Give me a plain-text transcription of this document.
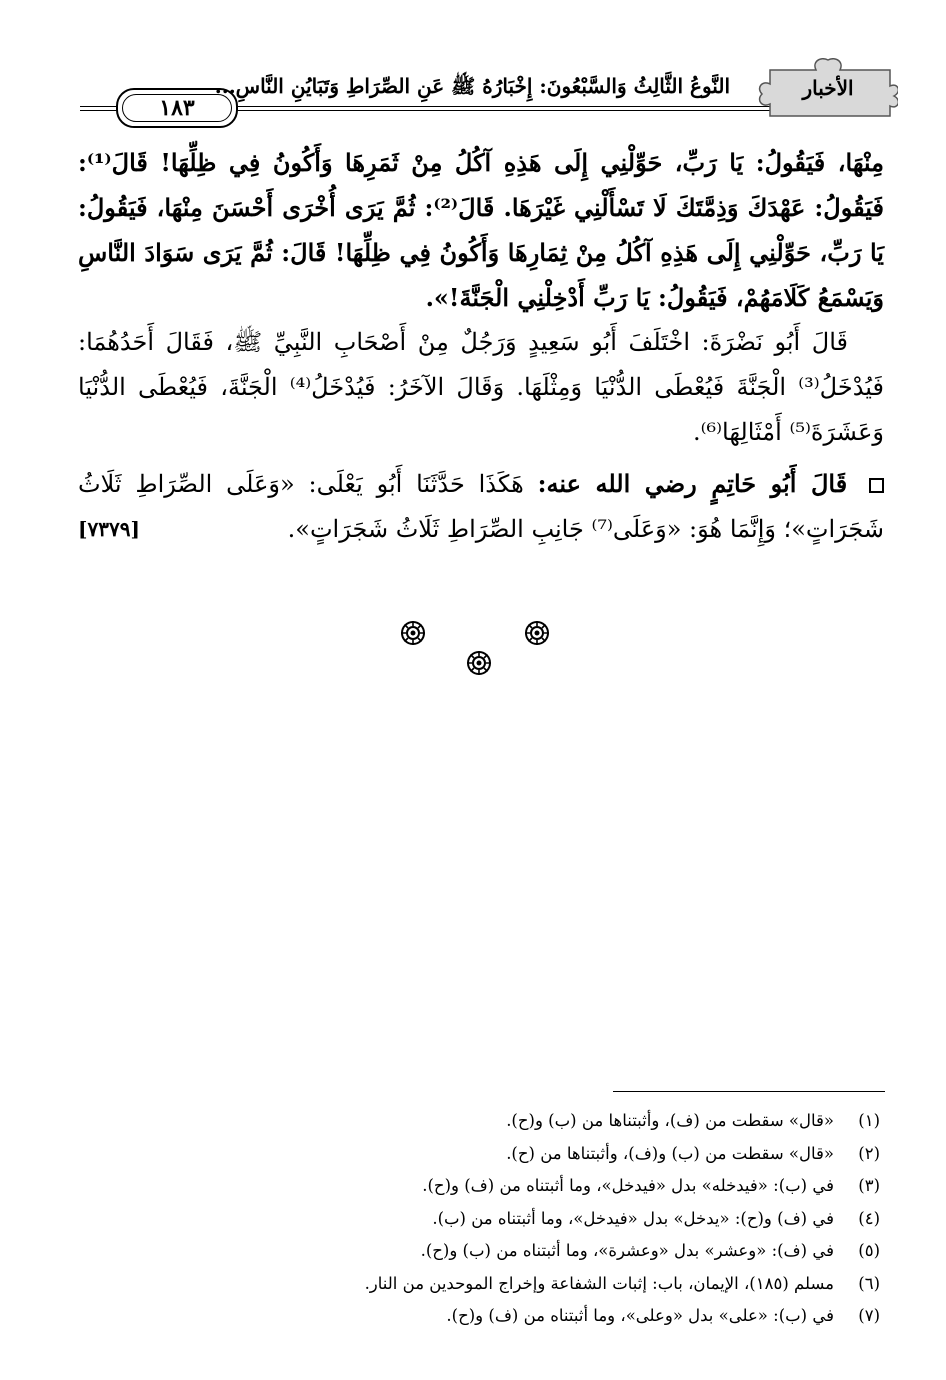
١٨٣
النَّوعُ الثَّالِثُ وَالسَّبْعُونَ: إِخْبَارُهُ ﷺ عَنِ الصِّرَاطِ وَتَبَايُنِ النَّاسِ...	الأخبار

مِنْهَا، فَيَقُولُ: يَا رَبِّ، حَوِّلْنِي إِلَى هَذِهِ آكُلُ مِنْ ثَمَرِهَا وَأَكُونُ فِي ظِلِّهَا! قَالَ⁽¹⁾: فَيَقُولُ: عَهْدَكَ وَذِمَّتَكَ لَا تَسْأَلْنِي غَيْرَهَا. قَالَ⁽²⁾: ثُمَّ يَرَى أُخْرَى أَحْسَنَ مِنْهَا، فَيَقُولُ: يَا رَبِّ، حَوِّلْنِي إِلَى هَذِهِ آكُلُ مِنْ ثِمَارِهَا وَأَكُونُ فِي ظِلِّهَا! قَالَ: ثُمَّ يَرَى سَوَادَ النَّاسِ وَيَسْمَعُ كَلَامَهُمْ، فَيَقُولُ: يَا رَبِّ أَدْخِلْنِي الْجَنَّةَ!».

قَالَ أَبُو نَضْرَةَ: اخْتَلَفَ أَبُو سَعِيدٍ وَرَجُلٌ مِنْ أَصْحَابِ النَّبِيِّ ﷺ، فَقَالَ أَحَدُهُمَا: فَيُدْخَلُ⁽³⁾ الْجَنَّةَ فَيُعْطَى الدُّنْيَا وَمِثْلَهَا. وَقَالَ الآخَرُ: فَيُدْخَلُ⁽⁴⁾ الْجَنَّةَ، فَيُعْطَى الدُّنْيَا وَعَشَرَةَ⁽⁵⁾ أَمْثَالِهَا⁽⁶⁾.

قَالَ أَبُو حَاتِمٍ رضي الله عنه: هَكَذَا حَدَّثَنَا أَبُو يَعْلَى: «وَعَلَى الصِّرَاطِ ثَلَاثُ شَجَرَاتٍ»؛ وَإِنَّمَا هُوَ: «وَعَلَى⁽⁷⁾ جَانِبِ الصِّرَاطِ ثَلَاثُ شَجَرَاتٍ».
[٧٣٧٩]

(١)
«قال» سقطت من (ف)، وأثبتناها من (ب) و(ح).
(٢)
«قال» سقطت من (ب) و(ف)، وأثبتناها من (ح).
(٣)
في (ب): «فيدخله» بدل «فيدخل»، وما أثبتناه من (ف) و(ح).
(٤)
في (ف) و(ح): «يدخل» بدل «فيدخل»، وما أثبتناه من (ب).
(٥)
في (ف): «وعشر» بدل «وعشرة»، وما أثبتناه من (ب) و(ح).
(٦)
مسلم (١٨٥)، الإيمان، باب: إثبات الشفاعة وإخراج الموحدين من النار.
(٧)
في (ب): «على» بدل «وعلى»، وما أثبتناه من (ف) و(ح).
